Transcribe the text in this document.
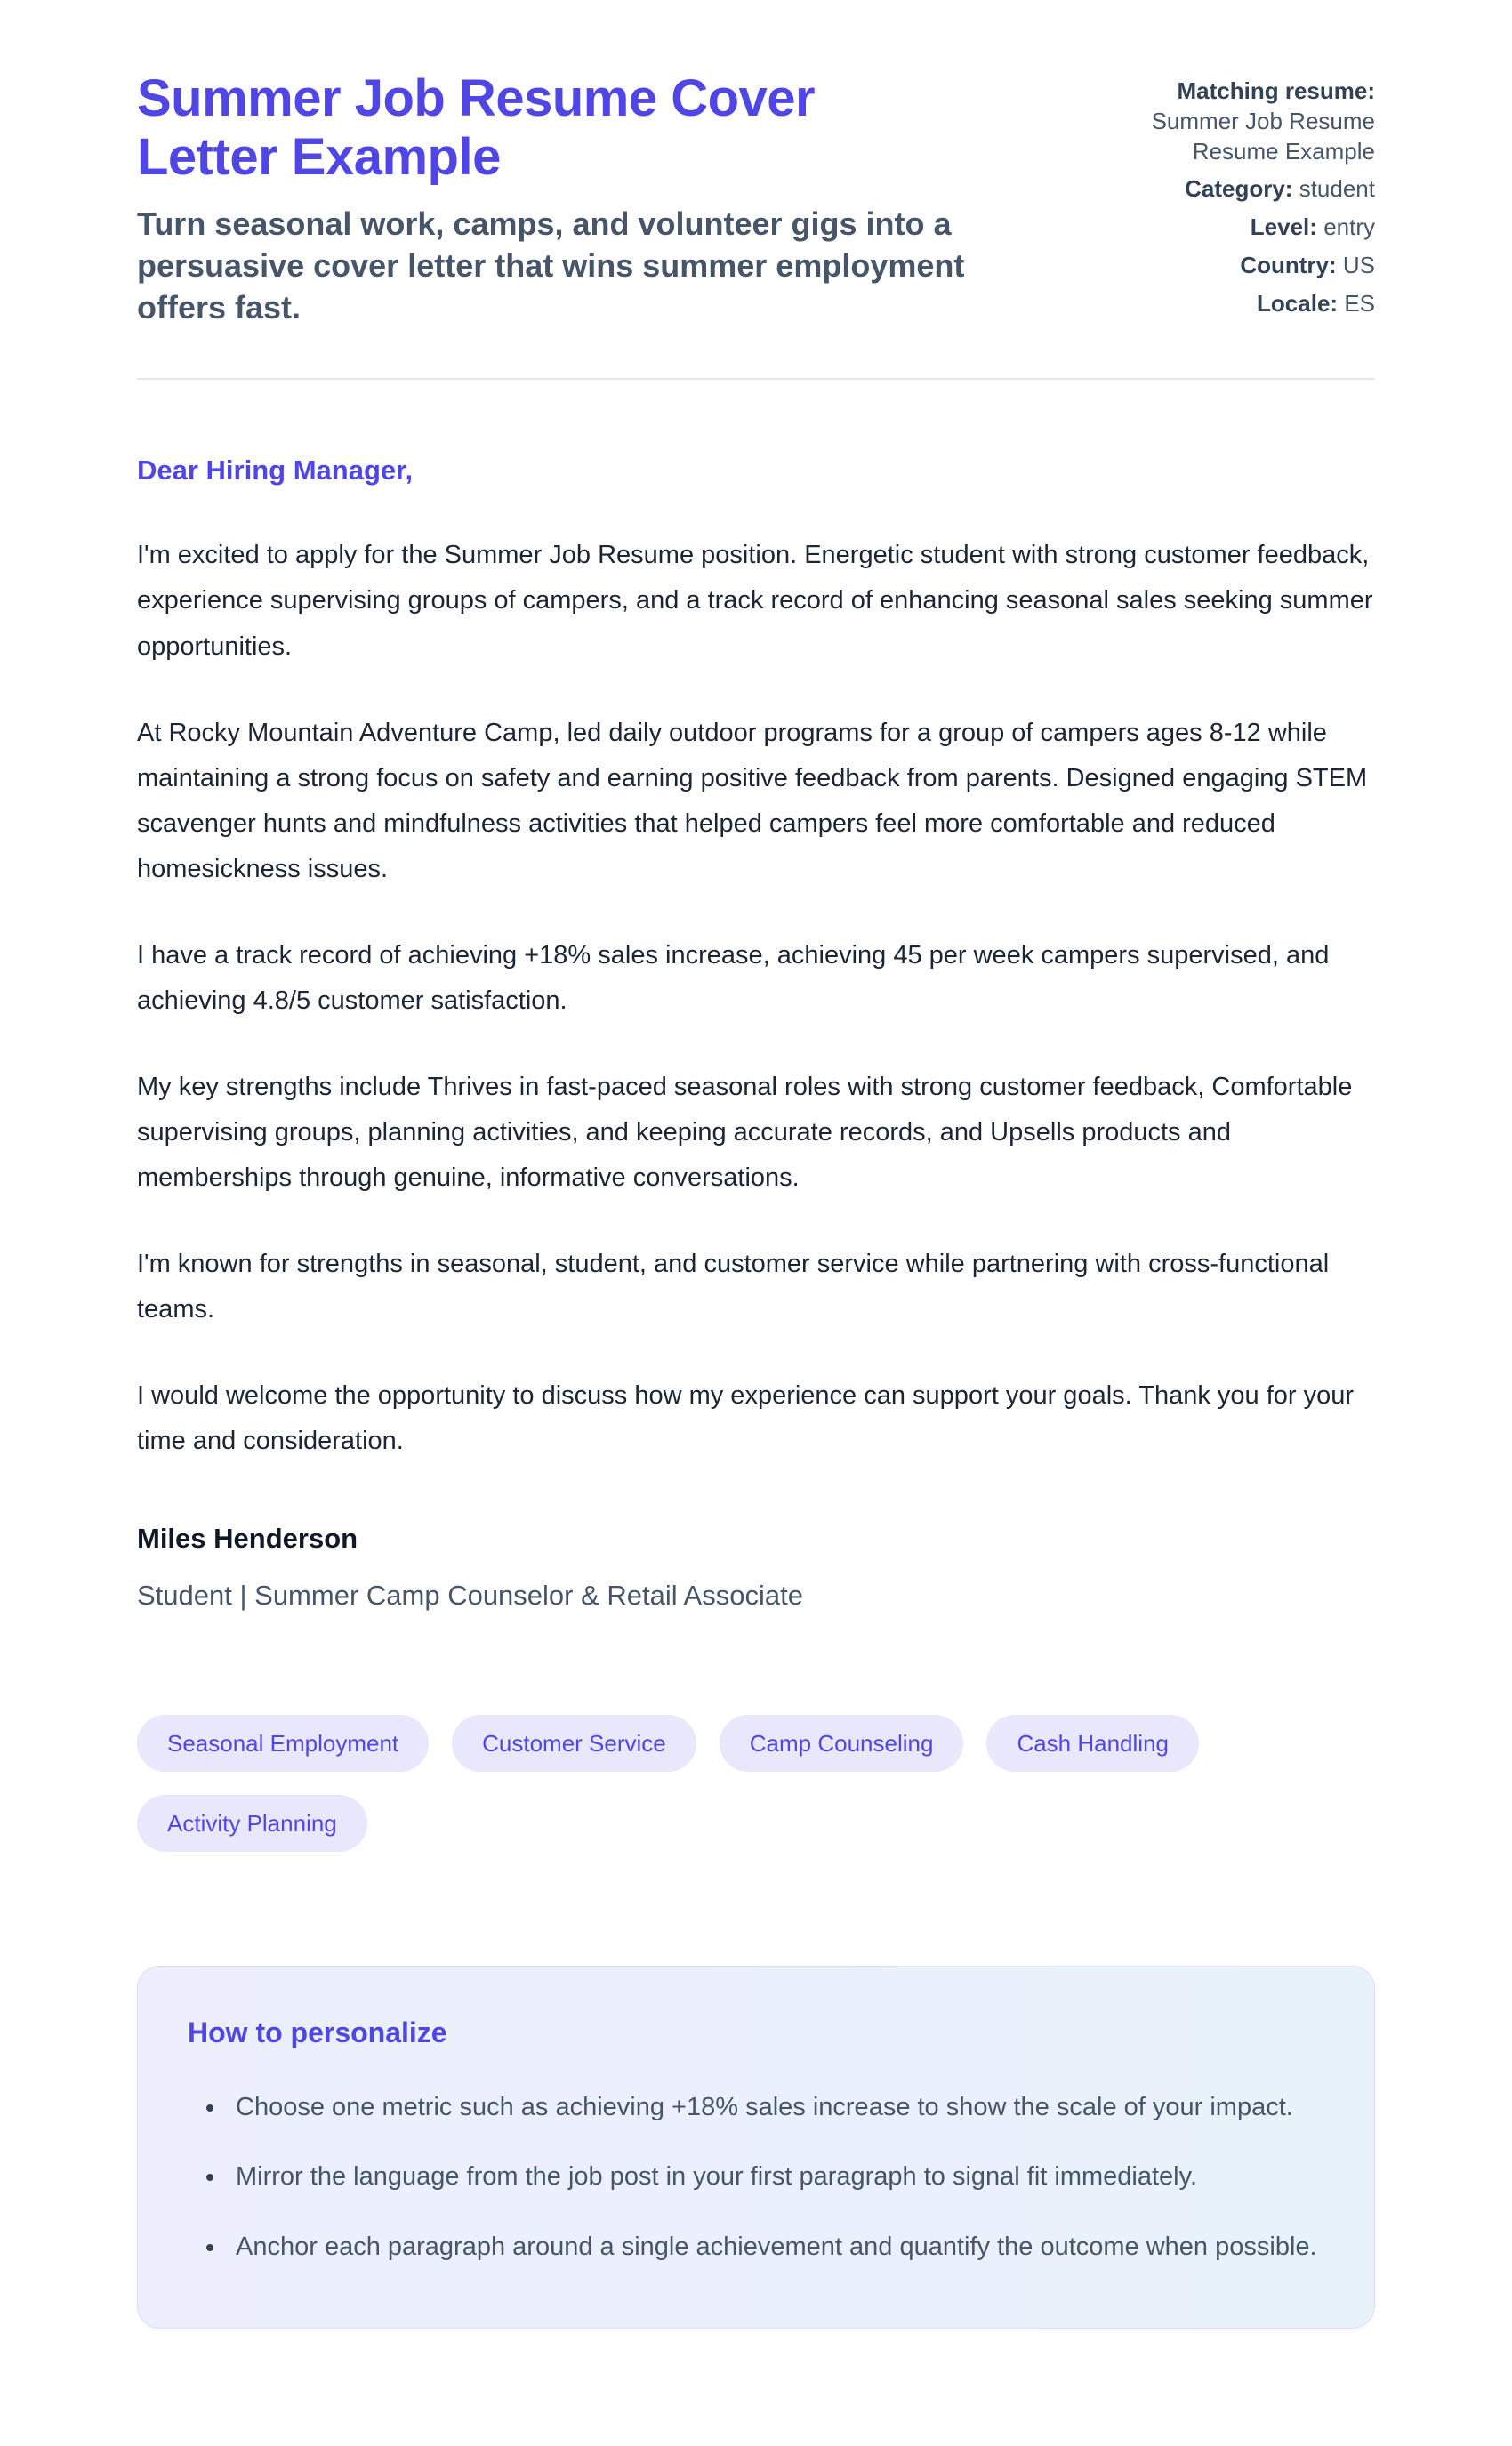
Summer Job Resume Cover Letter Example

Turn seasonal work, camps, and volunteer gigs into a persuasive cover letter that wins summer employment offers fast.

Matching resume:
Summer Job Resume Resume Example
Category: student
Level: entry
Country: US
Locale: ES

Dear Hiring Manager,

I'm excited to apply for the Summer Job Resume position. Energetic student with strong customer feedback, experience supervising groups of campers, and a track record of enhancing seasonal sales seeking summer opportunities.

At Rocky Mountain Adventure Camp, led daily outdoor programs for a group of campers ages 8-12 while maintaining a strong focus on safety and earning positive feedback from parents. Designed engaging STEM scavenger hunts and mindfulness activities that helped campers feel more comfortable and reduced homesickness issues.

I have a track record of achieving +18% sales increase, achieving 45 per week campers supervised, and achieving 4.8/5 customer satisfaction.

My key strengths include Thrives in fast-paced seasonal roles with strong customer feedback, Comfortable supervising groups, planning activities, and keeping accurate records, and Upsells products and memberships through genuine, informative conversations.

I'm known for strengths in seasonal, student, and customer service while partnering with cross-functional teams.

I would welcome the opportunity to discuss how my experience can support your goals. Thank you for your time and consideration.

Miles Henderson

Student | Summer Camp Counselor & Retail Associate

Seasonal Employment	Customer Service	Camp Counseling	Cash Handling
Activity Planning
How to personalize
• Choose one metric such as achieving +18% sales increase to show the scale of your impact.
• Mirror the language from the job post in your first paragraph to signal fit immediately.
• Anchor each paragraph around a single achievement and quantify the outcome when possible.
